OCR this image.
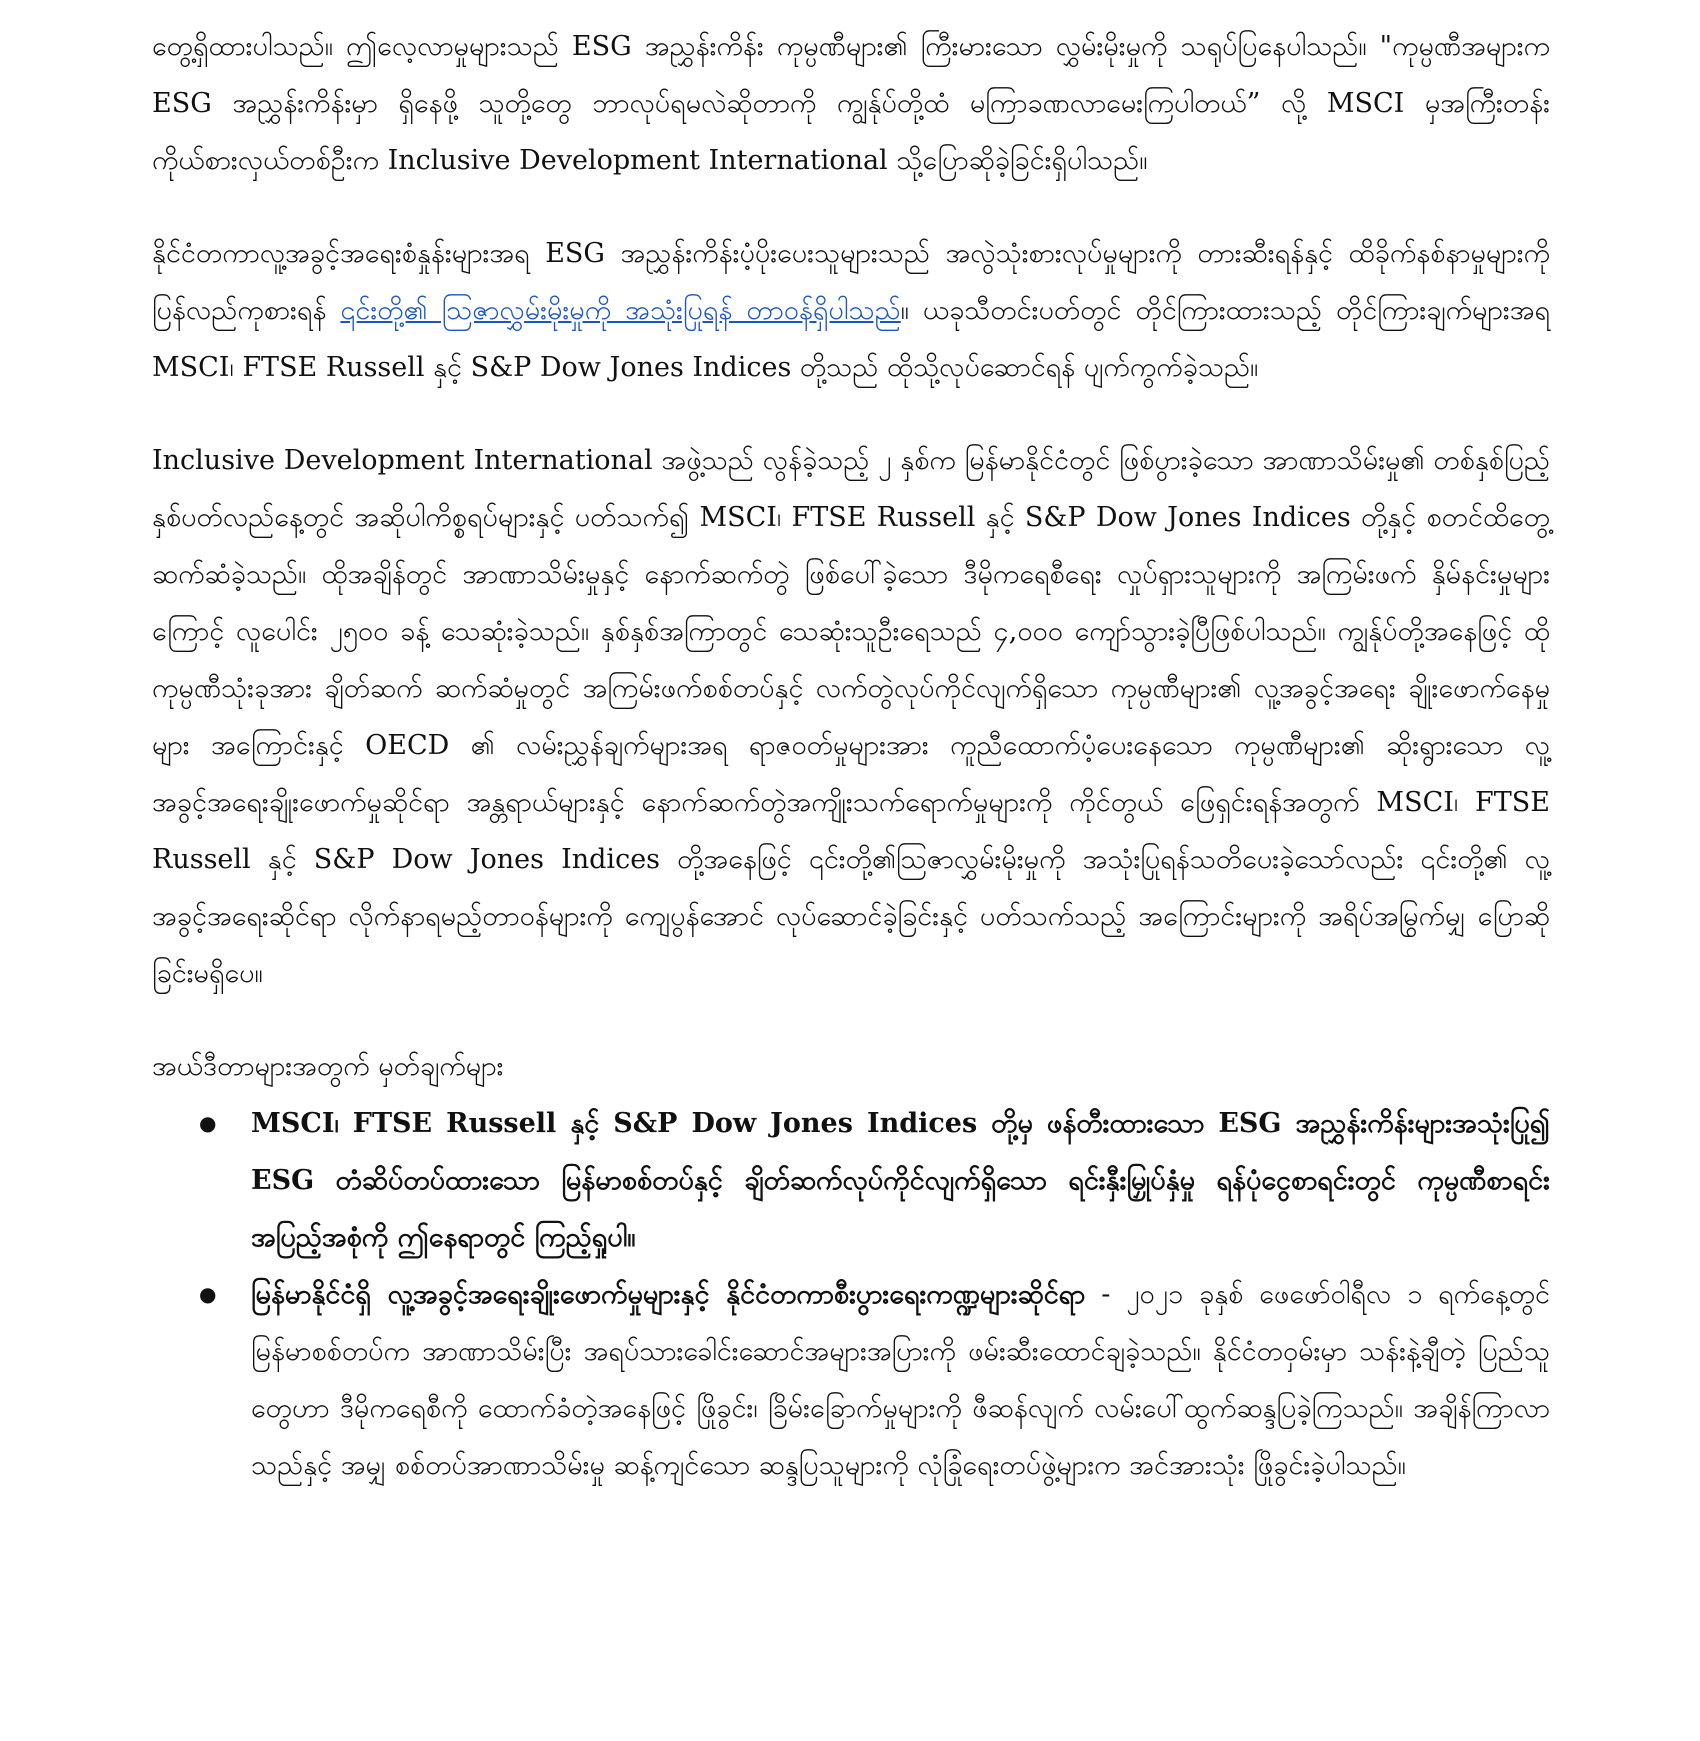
တွေ့ရှိထားပါသည်။ ဤလေ့လာမှုများသည် ESG အညွှန်းကိန်း ကုမ္ပဏီများ၏ ကြီးမားသော လွှမ်းမိုးမှုကို သရုပ်ပြနေပါသည်။ "ကုမ္ပဏီအများက ESG အညွှန်းကိန်းမှာ ရှိနေဖို့ သူတို့တွေ ဘာလုပ်ရမလဲဆိုတာကို ကျွန်ုပ်တို့ထံ မကြာခဏလာမေးကြပါတယ်” လို့ MSCI မှအကြီးတန်းကိုယ်စားလှယ်တစ်ဦးက Inclusive Development International သို့ပြောဆိုခဲ့ခြင်းရှိပါသည်။

နိုင်ငံတကာလူ့အခွင့်အရေးစံနှုန်းများအရ ESG အညွှန်းကိန်းပံ့ပိုးပေးသူများသည် အလွဲသုံးစားလုပ်မှုများကို တားဆီးရန်နှင့် ထိခိုက်နစ်နာမှုများကို ပြန်လည်ကုစားရန် ၎င်းတို့၏ သြဇာလွှမ်းမိုးမှုကို အသုံးပြုရန် တာဝန်ရှိပါသည်။ ယခုသီတင်းပတ်တွင် တိုင်ကြားထားသည့် တိုင်ကြားချက်များအရ MSCI၊ FTSE Russell နှင့် S&P Dow Jones Indices တို့သည် ထိုသို့လုပ်ဆောင်ရန် ပျက်ကွက်ခဲ့သည်။

Inclusive Development International အဖွဲ့သည် လွန်ခဲ့သည့် ၂ နှစ်က မြန်မာနိုင်ငံတွင် ဖြစ်ပွားခဲ့သော အာဏာသိမ်းမှု၏ တစ်နှစ်ပြည့် နှစ်ပတ်လည်နေ့တွင် အဆိုပါကိစ္စရပ်များနှင့် ပတ်သက်၍ MSCI၊ FTSE Russell နှင့် S&P Dow Jones Indices တို့နှင့် စတင်ထိတွေ့ဆက်ဆံခဲ့သည်။ ထိုအချိန်တွင် အာဏာသိမ်းမှုနှင့် နောက်ဆက်တွဲ ဖြစ်ပေါ်ခဲ့သော ဒီမိုကရေစီရေး လှုပ်ရှားသူများကို အကြမ်းဖက် နှိမ်နင်းမှုများကြောင့် လူပေါင်း ၂၅၀၀ ခန့် သေဆုံးခဲ့သည်။ နှစ်နှစ်အကြာတွင် သေဆုံးသူဦးရေသည် ၄,၀၀၀ ကျော်သွားခဲ့ပြီဖြစ်ပါသည်။ ကျွန်ုပ်တို့အနေဖြင့် ထိုကုမ္ပဏီသုံးခုအား ချိတ်ဆက် ဆက်ဆံမှုတွင် အကြမ်းဖက်စစ်တပ်နှင့် လက်တွဲလုပ်ကိုင်လျက်ရှိသော ကုမ္ပဏီများ၏ လူ့အခွင့်အရေး ချိုးဖောက်နေမှုများ အကြောင်းနှင့် OECD ၏ လမ်းညွှန်ချက်များအရ ရာဇဝတ်မှုများအား ကူညီထောက်ပံ့ပေးနေသော ကုမ္ပဏီများ၏ ဆိုးရွားသော လူ့အခွင့်အရေးချိုးဖောက်မှုဆိုင်ရာ အန္တရာယ်များနှင့် နောက်ဆက်တွဲအကျိုးသက်ရောက်မှုများကို ကိုင်တွယ် ဖြေရှင်းရန်အတွက် MSCI၊ FTSE Russell နှင့် S&P Dow Jones Indices တို့အနေဖြင့် ၎င်းတို့၏သြဇာလွှမ်းမိုးမှုကို အသုံးပြုရန်သတိပေးခဲ့သော်လည်း ၎င်းတို့၏ လူ့အခွင့်အရေးဆိုင်ရာ လိုက်နာရမည့်တာဝန်များကို ကျေပွန်အောင် လုပ်ဆောင်ခဲ့ခြင်းနှင့် ပတ်သက်သည့် အကြောင်းများကို အရိပ်အမြွက်မျှ ပြောဆိုခြင်းမရှိပေ။

အယ်ဒီတာများအတွက် မှတ်ချက်များ

● MSCI၊ FTSE Russell နှင့် S&P Dow Jones Indices တို့မှ ဖန်တီးထားသော ESG အညွှန်းကိန်းများအသုံးပြု၍ ESG တံဆိပ်တပ်ထားသော မြန်မာစစ်တပ်နှင့် ချိတ်ဆက်လုပ်ကိုင်လျက်ရှိသော ရင်းနှီးမြှုပ်နှံမှု ရန်ပုံငွေစာရင်းတွင် ကုမ္ပဏီစာရင်းအပြည့်အစုံကို ဤနေရာတွင် ကြည့်ရှုပါ။
● မြန်မာနိုင်ငံရှိ လူ့အခွင့်အရေးချိုးဖောက်မှုများနှင့် နိုင်ငံတကာစီးပွားရေးကဏ္ဍများဆိုင်ရာ - ၂၀၂၁ ခုနှစ် ဖေဖော်ဝါရီလ ၁ ရက်နေ့တွင် မြန်မာစစ်တပ်က အာဏာသိမ်းပြီး အရပ်သားခေါင်းဆောင်အများအပြားကို ဖမ်းဆီးထောင်ချခဲ့သည်။ နိုင်ငံတဝှမ်းမှာ သန်းနဲ့ချီတဲ့ ပြည်သူတွေဟာ ဒီမိုကရေစီကို ထောက်ခံတဲ့အနေဖြင့် ဖြိုခွင်း၊ ခြိမ်းခြောက်မှုများကို ဖီဆန်လျက် လမ်းပေါ်ထွက်ဆန္ဒပြခဲ့ကြသည်။ အချိန်ကြာလာသည်နှင့် အမျှ စစ်တပ်အာဏာသိမ်းမှု ဆန့်ကျင်သော ဆန္ဒပြသူများကို လုံခြုံရေးတပ်ဖွဲ့များက အင်အားသုံး ဖြိုခွင်းခဲ့ပါသည်။
